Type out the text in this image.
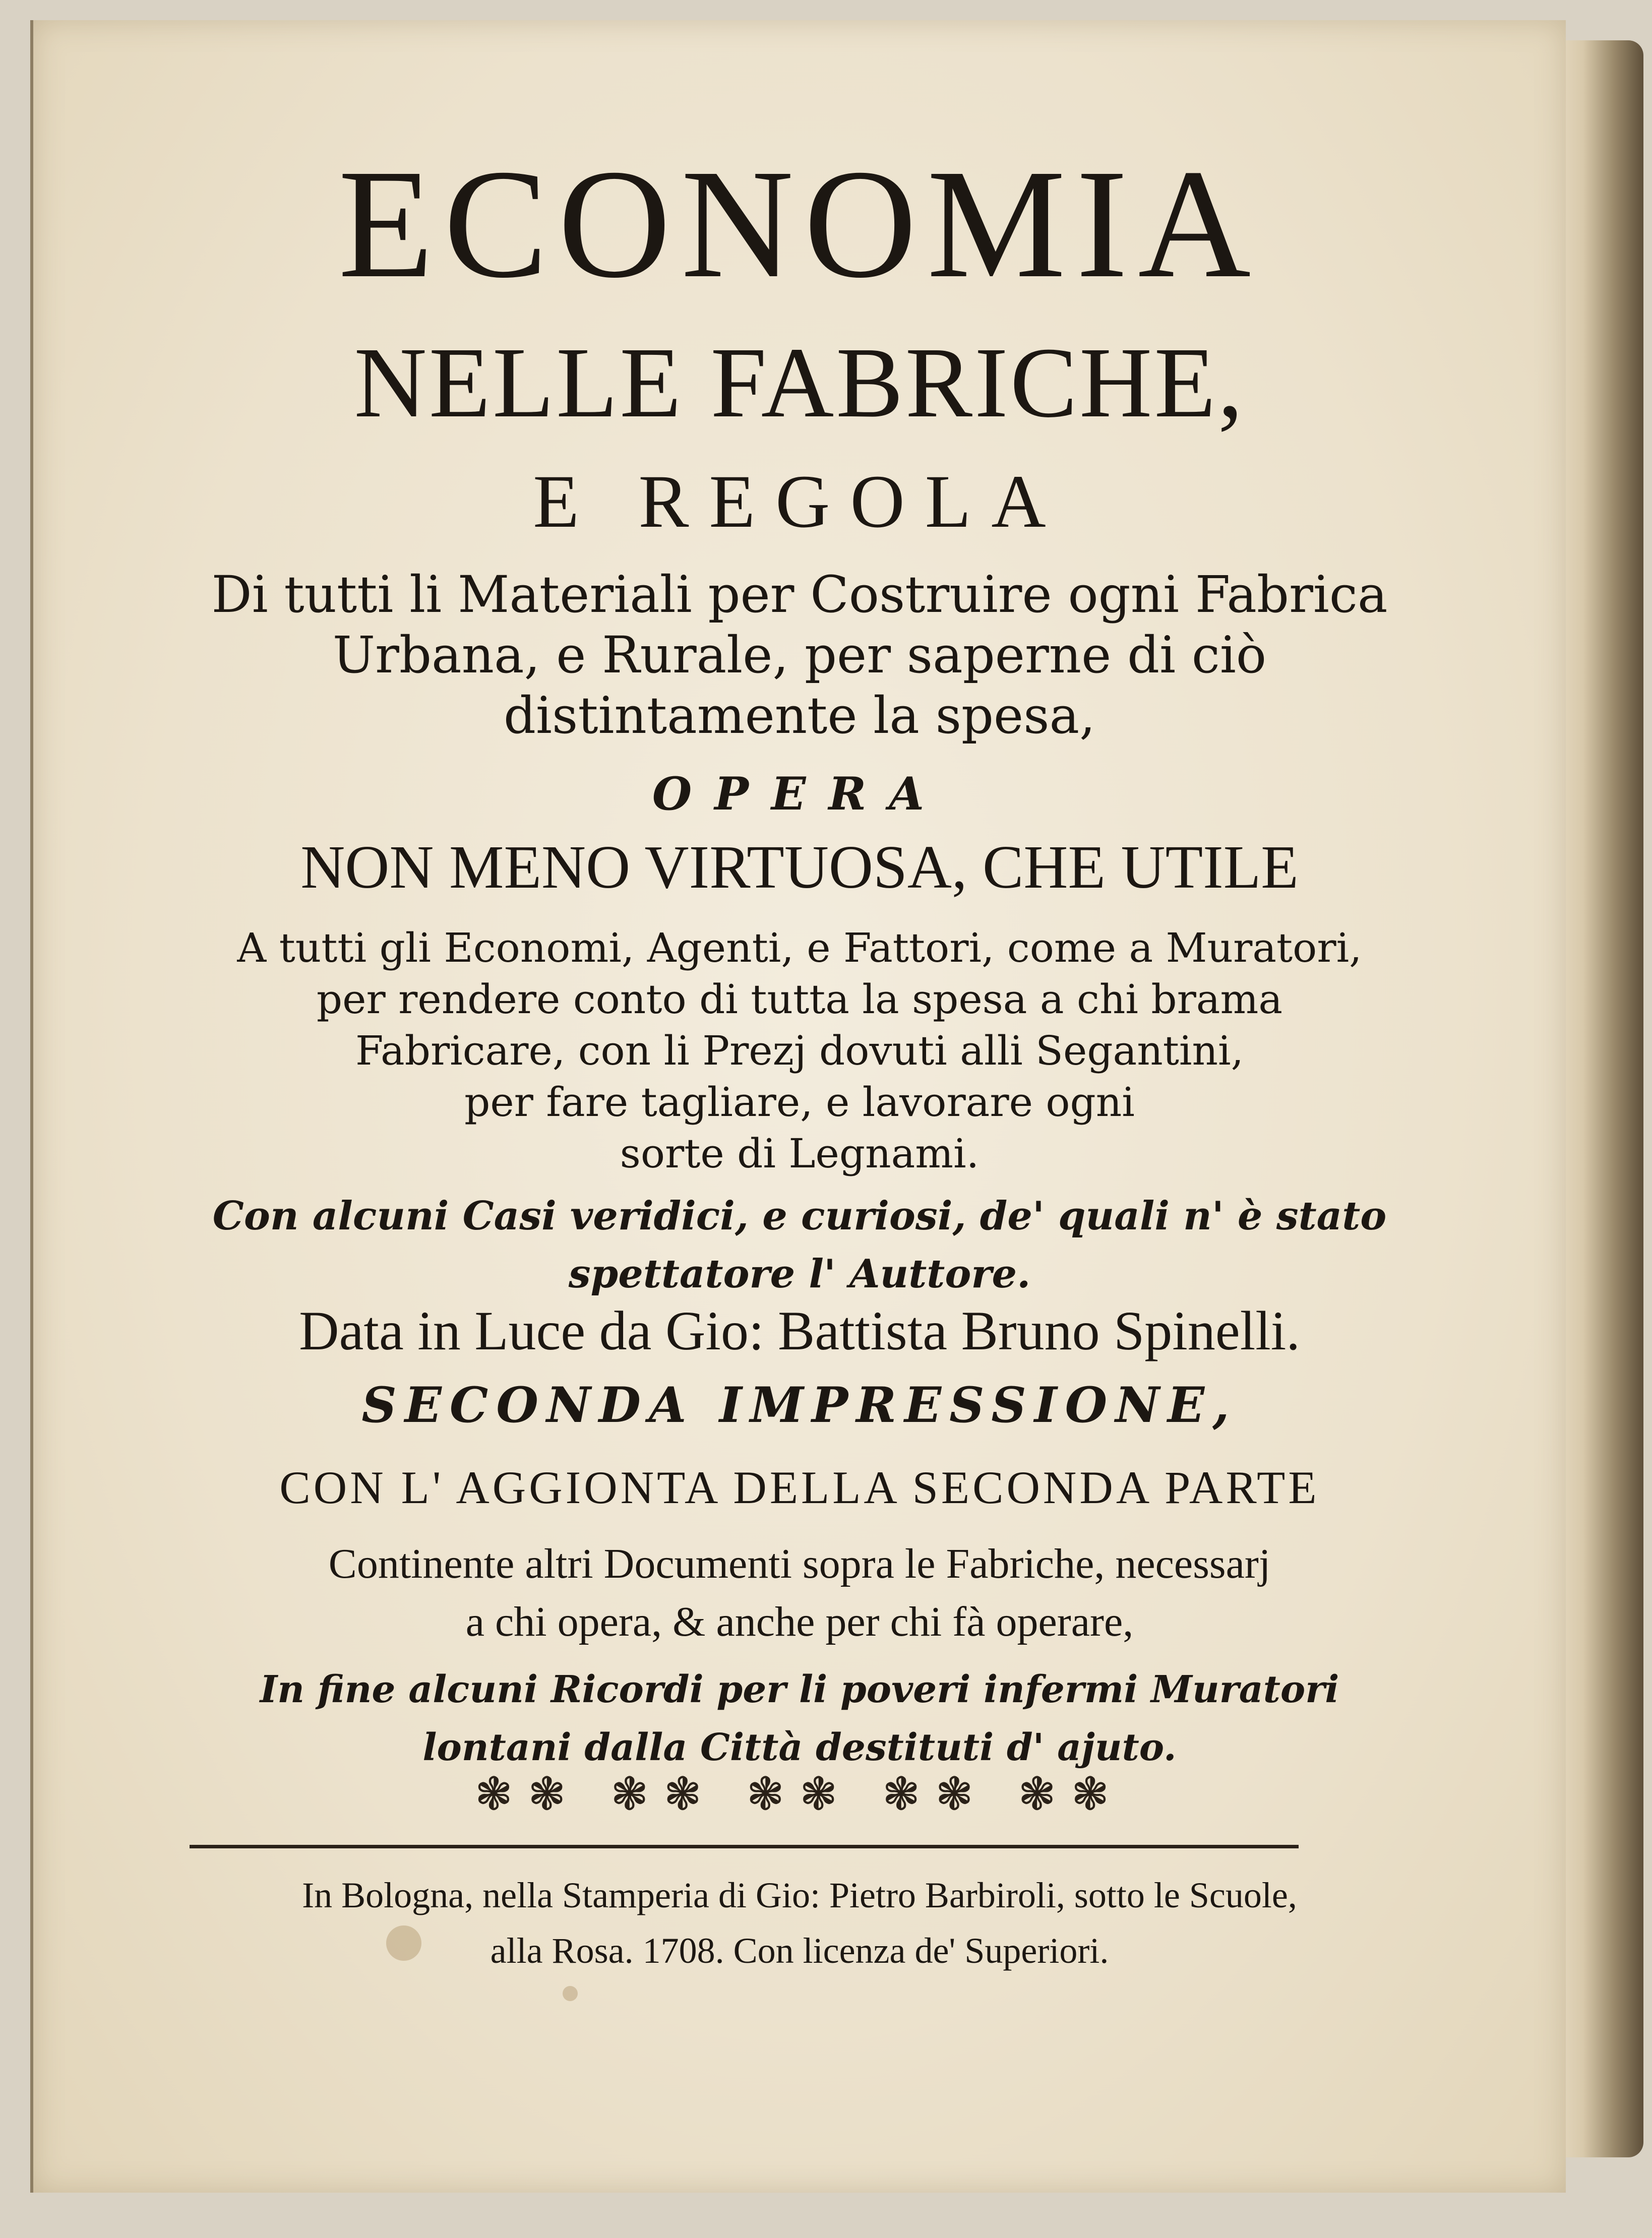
ECONOMIA
NELLE FABRICHE,
E REGOLA
Di tutti li Materiali per Costruire ogni Fabrica
Urbana, e Rurale, per saperne di ciò
distintamente la spesa,
OPERA
NON MENO VIRTUOSA, CHE UTILE
A tutti gli Economi, Agenti, e Fattori, come a Muratori,
per rendere conto di tutta la spesa a chi brama
Fabricare, con li Prezj dovuti alli Segantini,
per fare tagliare, e lavorare ogni
sorte di Legnami.
Con alcuni Casi veridici, e curiosi, de' quali n' è stato
spettatore l' Auttore.
Data in Luce da Gio: Battista Bruno Spinelli.
SECONDA IMPRESSIONE,
CON L' AGGIONTA DELLA SECONDA PARTE
Continente altri Documenti sopra le Fabriche, necessarj
a chi opera, & anche per chi fà operare,
In fine alcuni Ricordi per li poveri infermi Muratori
lontani dalla Città destituti d' ajuto.
❃❃ ❃❃ ❃❃ ❃❃ ❃❃
In Bologna, nella Stamperia di Gio: Pietro Barbiroli, sotto le Scuole,
alla Rosa. 1708. Con licenza de' Superiori.
